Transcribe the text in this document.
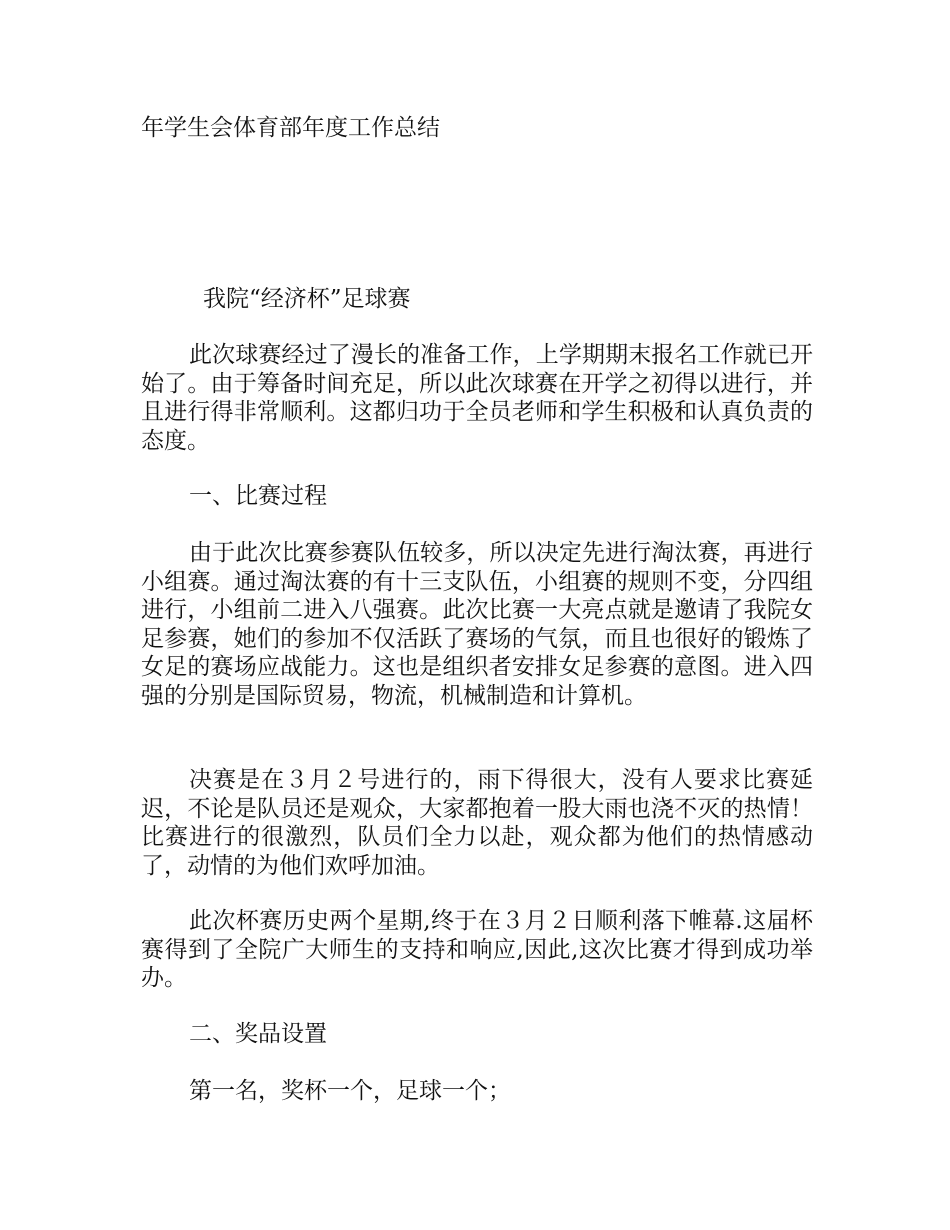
年学生会体育部年度工作总结

我院“经济杯”足球赛

此次球赛经过了漫长的准备工作，上学期期末报名工作就已开始了。由于筹备时间充足，所以此次球赛在开学之初得以进行，并且进行得非常顺利。这都归功于全员老师和学生积极和认真负责的态度。

一、比赛过程

由于此次比赛参赛队伍较多，所以决定先进行淘汰赛，再进行小组赛。通过淘汰赛的有十三支队伍，小组赛的规则不变，分四组进行，小组前二进入八强赛。此次比赛一大亮点就是邀请了我院女足参赛，她们的参加不仅活跃了赛场的气氛，而且也很好的锻炼了女足的赛场应战能力。这也是组织者安排女足参赛的意图。进入四强的分别是国际贸易，物流，机械制造和计算机。

决赛是在３月２号进行的，雨下得很大，没有人要求比赛延迟，不论是队员还是观众，大家都抱着一股大雨也浇不灭的热情！比赛进行的很激烈，队员们全力以赴，观众都为他们的热情感动了，动情的为他们欢呼加油。

此次杯赛历史两个星期,终于在３月２日顺利落下帷幕.这届杯赛得到了全院广大师生的支持和响应,因此,这次比赛才得到成功举办。

二、奖品设置

第一名，奖杯一个，足球一个；
